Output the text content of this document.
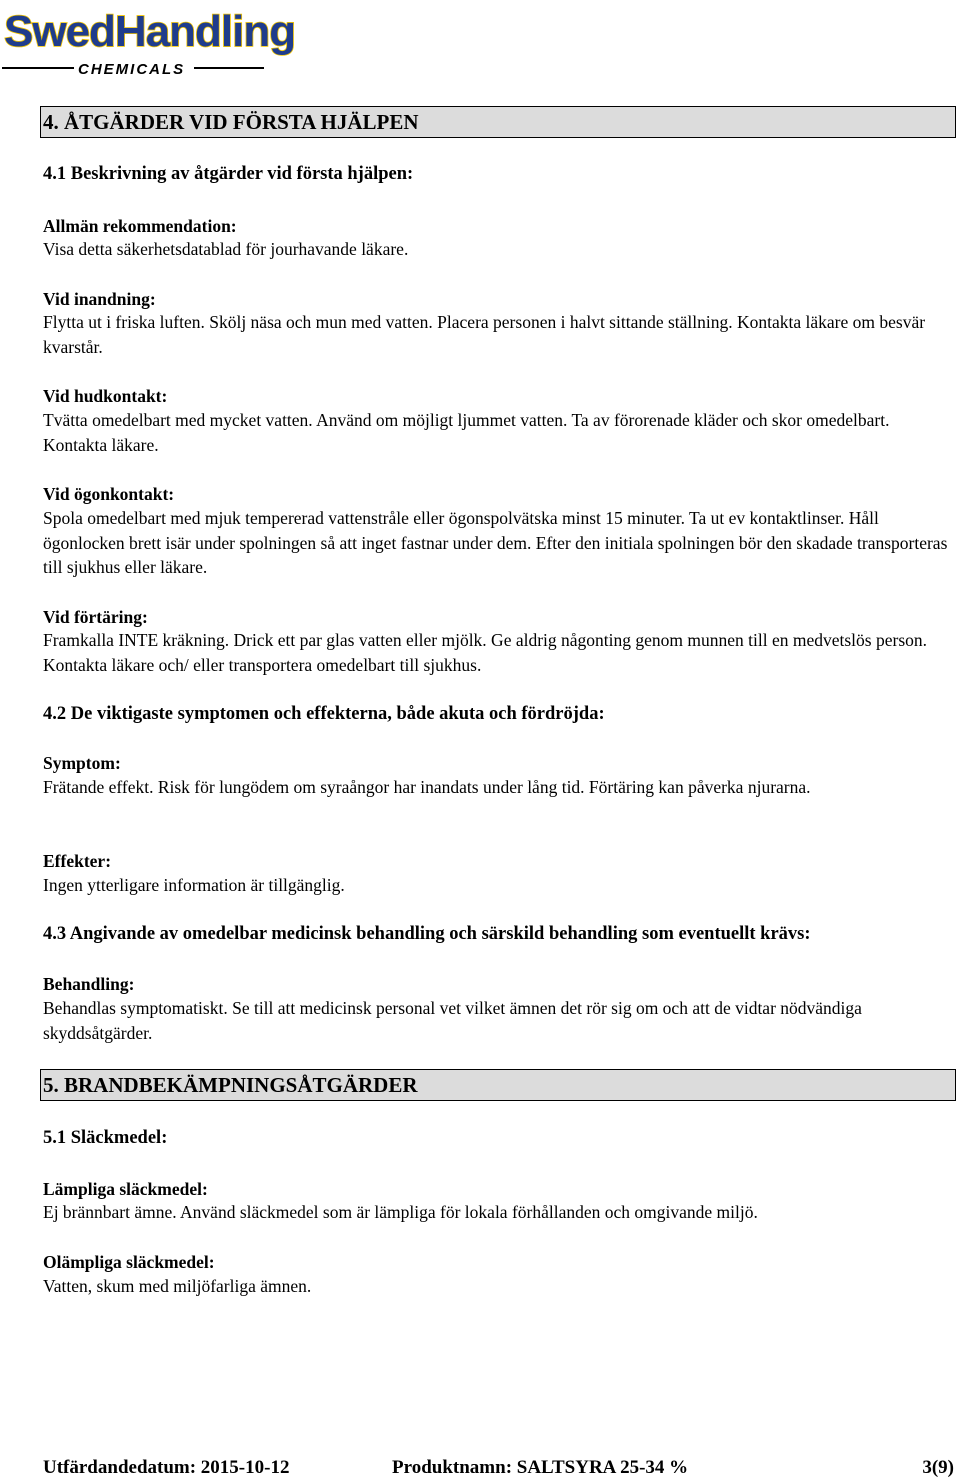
SwedHandling
CHEMICALS
4. ÅTGÄRDER VID FÖRSTA HJÄLPEN
4.1 Beskrivning av åtgärder vid första hjälpen:
Allmän rekommendation:
Visa detta säkerhetsdatablad för jourhavande läkare.
Vid inandning:
Flytta ut i friska luften. Skölj näsa och mun med vatten. Placera personen i halvt sittande ställning. Kontakta läkare om besvär kvarstår.
Vid hudkontakt:
Tvätta omedelbart med mycket vatten. Använd om möjligt ljummet vatten. Ta av förorenade kläder och skor omedelbart. Kontakta läkare.
Vid ögonkontakt:
Spola omedelbart med mjuk tempererad vattenstråle eller ögonspolvätska minst 15 minuter. Ta ut ev kontaktlinser. Håll ögonlocken brett isär under spolningen så att inget fastnar under dem. Efter den initiala spolningen bör den skadade transporteras till sjukhus eller läkare.
Vid förtäring:
Framkalla INTE kräkning. Drick ett par glas vatten eller mjölk. Ge aldrig någonting genom munnen till en medvetslös person. Kontakta läkare och/ eller transportera omedelbart till sjukhus.
4.2 De viktigaste symptomen och effekterna, både akuta och fördröjda:
Symptom:
Frätande effekt. Risk för lungödem om syraångor har inandats under lång tid. Förtäring kan påverka njurarna.
Effekter:
Ingen ytterligare information är tillgänglig.
4.3 Angivande av omedelbar medicinsk behandling och särskild behandling som eventuellt krävs:
Behandling:
Behandlas symptomatiskt. Se till att medicinsk personal vet vilket ämnen det rör sig om och att de vidtar nödvändiga skyddsåtgärder.
5. BRANDBEKÄMPNINGSÅTGÄRDER
5.1 Släckmedel:
Lämpliga släckmedel:
Ej brännbart ämne. Använd släckmedel som är lämpliga för lokala förhållanden och omgivande miljö.
Olämpliga släckmedel:
Vatten, skum med miljöfarliga ämnen.
Utfärdandedatum: 2015-10-12	Produktnamn: SALTSYRA 25-34 %	3(9)
